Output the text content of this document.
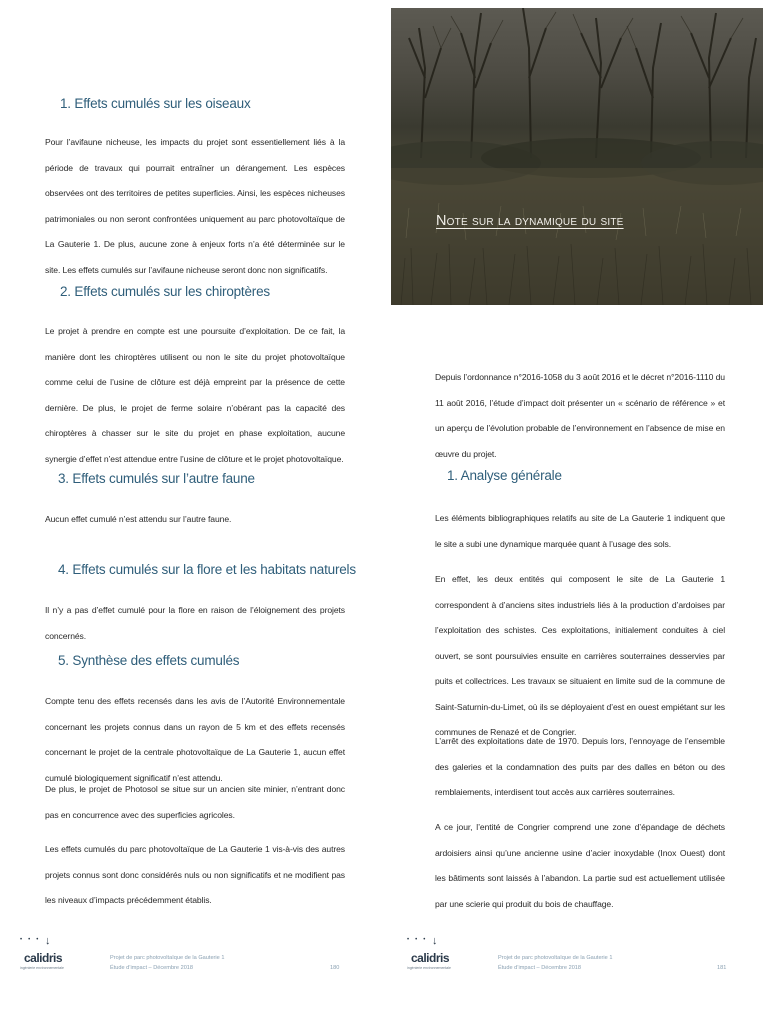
1. Effets cumulés sur les oiseaux

Pour l’avifaune nicheuse, les impacts du projet sont essentiellement liés à la période de travaux qui pourrait entraîner un dérangement. Les espèces observées ont des territoires de petites superficies. Ainsi, les espèces nicheuses patrimoniales ou non seront confrontées uniquement au parc photovoltaïque de La Gauterie 1. De plus, aucune zone à enjeux forts n’a été déterminée sur le site. Les effets cumulés sur l’avifaune nicheuse seront donc non significatifs.

2. Effets cumulés sur les chiroptères

Le projet à prendre en compte est une poursuite d’exploitation. De ce fait, la manière dont les chiroptères utilisent ou non le site du projet photovoltaïque comme celui de l’usine de clôture est déjà empreint par la présence de cette dernière. De plus, le projet de ferme solaire n’obérant pas la capacité des chiroptères à chasser sur le site du projet en phase exploitation, aucune synergie d’effet n’est attendue entre l’usine de clôture et le projet photovoltaïque.

3. Effets cumulés sur l’autre faune

Aucun effet cumulé n’est attendu sur l’autre faune.

4. Effets cumulés sur la flore et les habitats naturels

Il n’y a pas d’effet cumulé pour la flore en raison de l’éloignement des projets concernés.

5. Synthèse des effets cumulés

Compte tenu des effets recensés dans les avis de l’Autorité Environnementale concernant les projets connus dans un rayon de 5 km et des effets recensés concernant le projet de la centrale photovoltaïque de La Gauterie 1, aucun effet cumulé biologiquement significatif n’est attendu.

De plus, le projet de Photosol se situe sur un ancien site minier, n’entrant donc pas en concurrence avec des superficies agricoles.

Les effets cumulés du parc photovoltaïque de La Gauterie 1 vis-à-vis des autres projets connus sont donc considérés nuls ou non significatifs et ne modifient pas les niveaux d’impacts précédemment établis.

••• ↓
calidris
ingénierie environnementale
Projet de parc photovoltaïque de la Gauterie 1
Étude d’impact – Décembre 2018	180
Note sur la dynamique du site

Depuis l’ordonnance n°2016-1058 du 3 août 2016 et le décret n°2016-1110 du 11 août 2016, l’étude d’impact doit présenter un « scénario de référence » et un aperçu de l’évolution probable de l’environnement en l’absence de mise en œuvre du projet.

1. Analyse générale

Les éléments bibliographiques relatifs au site de La Gauterie 1 indiquent que le site a subi une dynamique marquée quant à l’usage des sols.

En effet, les deux entités qui composent le site de La Gauterie 1 correspondent à d’anciens sites industriels liés à la production d’ardoises par l’exploitation des schistes. Ces exploitations, initialement conduites à ciel ouvert, se sont poursuivies ensuite en carrières souterraines desservies par puits et collectrices. Les travaux se situaient en limite sud de la commune de Saint-Saturnin-du-Limet, où ils se déployaient d’est en ouest empiétant sur les communes de Renazé et de Congrier.

L’arrêt des exploitations date de 1970. Depuis lors, l’ennoyage de l’ensemble des galeries et la condamnation des puits par des dalles en béton ou des remblaiements, interdisent tout accès aux carrières souterraines.

A ce jour, l’entité de Congrier comprend une zone d’épandage de déchets ardoisiers ainsi qu’une ancienne usine d’acier inoxydable (Inox Ouest) dont les bâtiments sont laissés à l’abandon. La partie sud est actuellement utilisée par une scierie qui produit du bois de chauffage.

••• ↓
calidris
ingénierie environnementale
Projet de parc photovoltaïque de la Gauterie 1
Étude d’impact – Décembre 2018	181
